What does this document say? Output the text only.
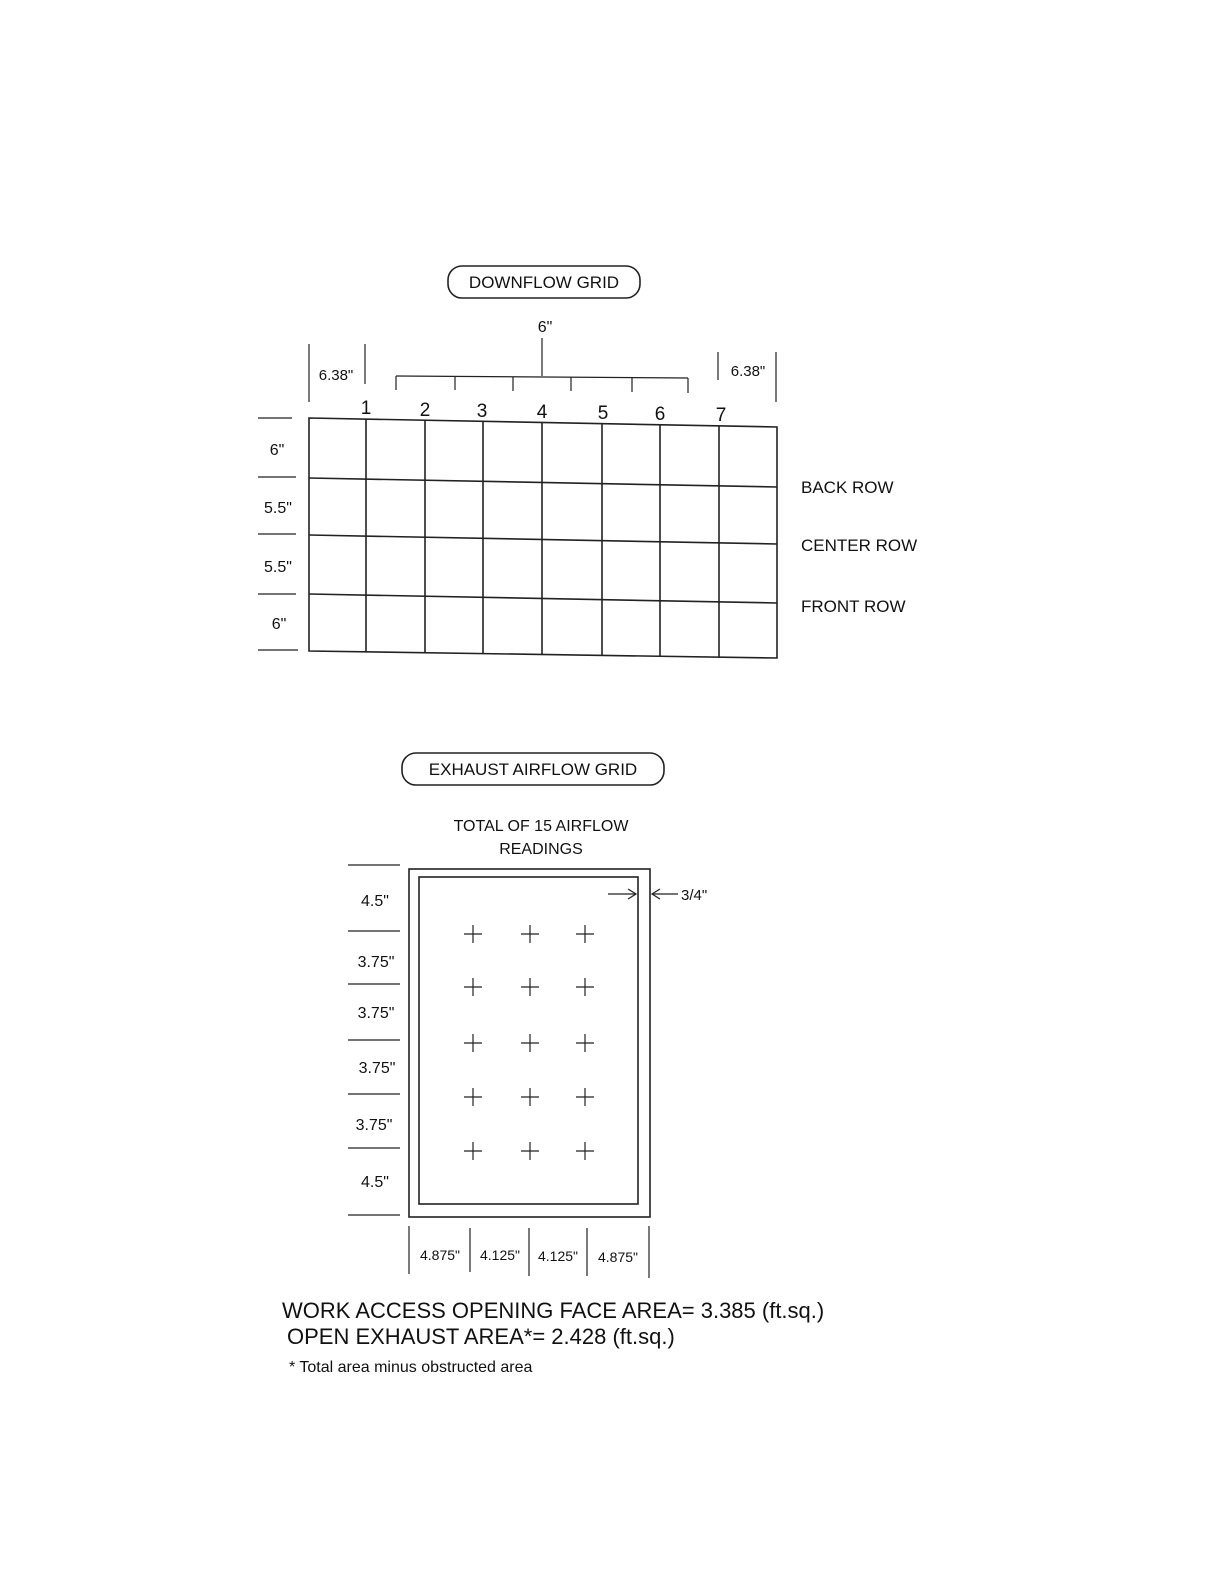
DOWNFLOW GRID
6"
6.38"	6.38"
1	2 3	4	5 6	7
6"
5.5"
5.5"
6"
BACK ROW
CENTER ROW
FRONT ROW
EXHAUST AIRFLOW GRID
TOTAL OF 15 AIRFLOW
READINGS
3/4"
4.5"
3.75"
3.75"
3.75"
3.75"
4.5"
4.875" 4.125" 4.125" 4.875"
WORK ACCESS OPENING FACE AREA= 3.385 (ft.sq.)
OPEN EXHAUST AREA*= 2.428 (ft.sq.)
* Total area minus obstructed area
